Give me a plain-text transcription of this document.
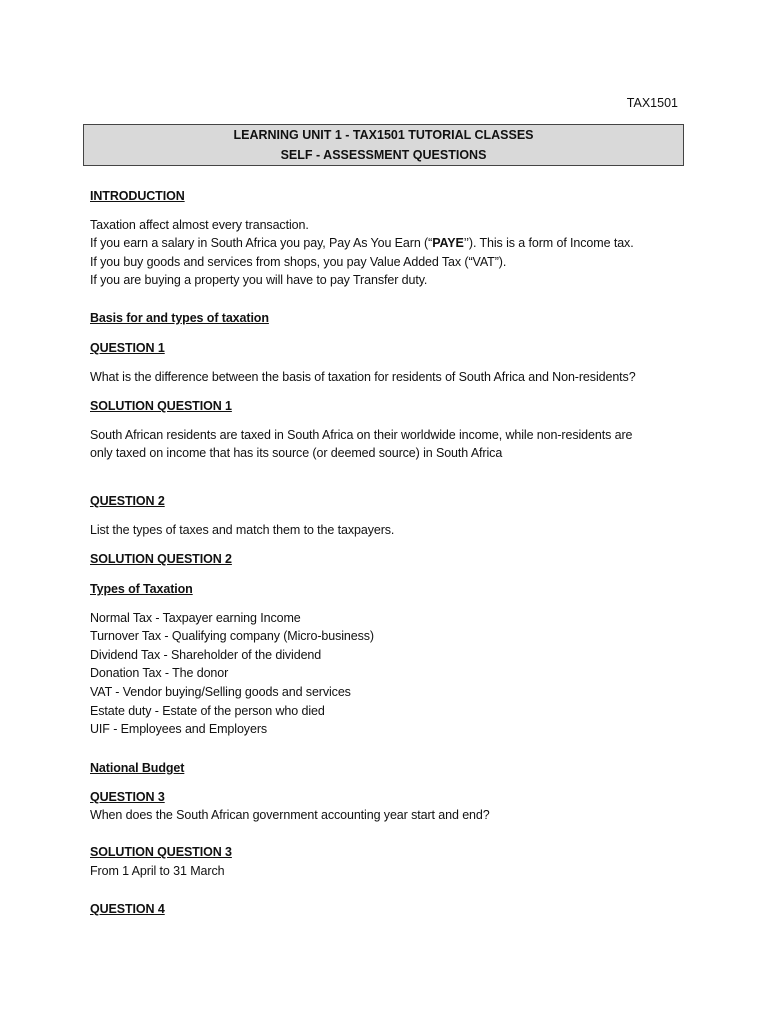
TAX1501
LEARNING UNIT 1 - TAX1501 TUTORIAL CLASSES
SELF - ASSESSMENT QUESTIONS
INTRODUCTION
Taxation affect almost every transaction.
If you earn a salary in South Africa you pay, Pay As You Earn (“PAYE’’). This is a form of Income tax.
If you buy goods and services from shops, you pay Value Added Tax (“VAT”).
If you are buying a property you will have to pay Transfer duty.
Basis for and types of taxation
QUESTION 1
What is the difference between the basis of taxation for residents of South Africa and Non-residents?
SOLUTION QUESTION 1
South African residents are taxed in South Africa on their worldwide income, while non-residents are
only taxed on income that has its source (or deemed source) in South Africa
QUESTION 2
List the types of taxes and match them to the taxpayers.
SOLUTION QUESTION 2
Types of Taxation
Normal Tax - Taxpayer earning Income
Turnover Tax - Qualifying company (Micro-business)
Dividend Tax - Shareholder of the dividend
Donation Tax - The donor
VAT - Vendor buying/Selling goods and services
Estate duty - Estate of the person who died
UIF - Employees and Employers
National Budget
QUESTION 3
When does the South African government accounting year start and end?
SOLUTION QUESTION 3
From 1 April to 31 March
QUESTION 4
